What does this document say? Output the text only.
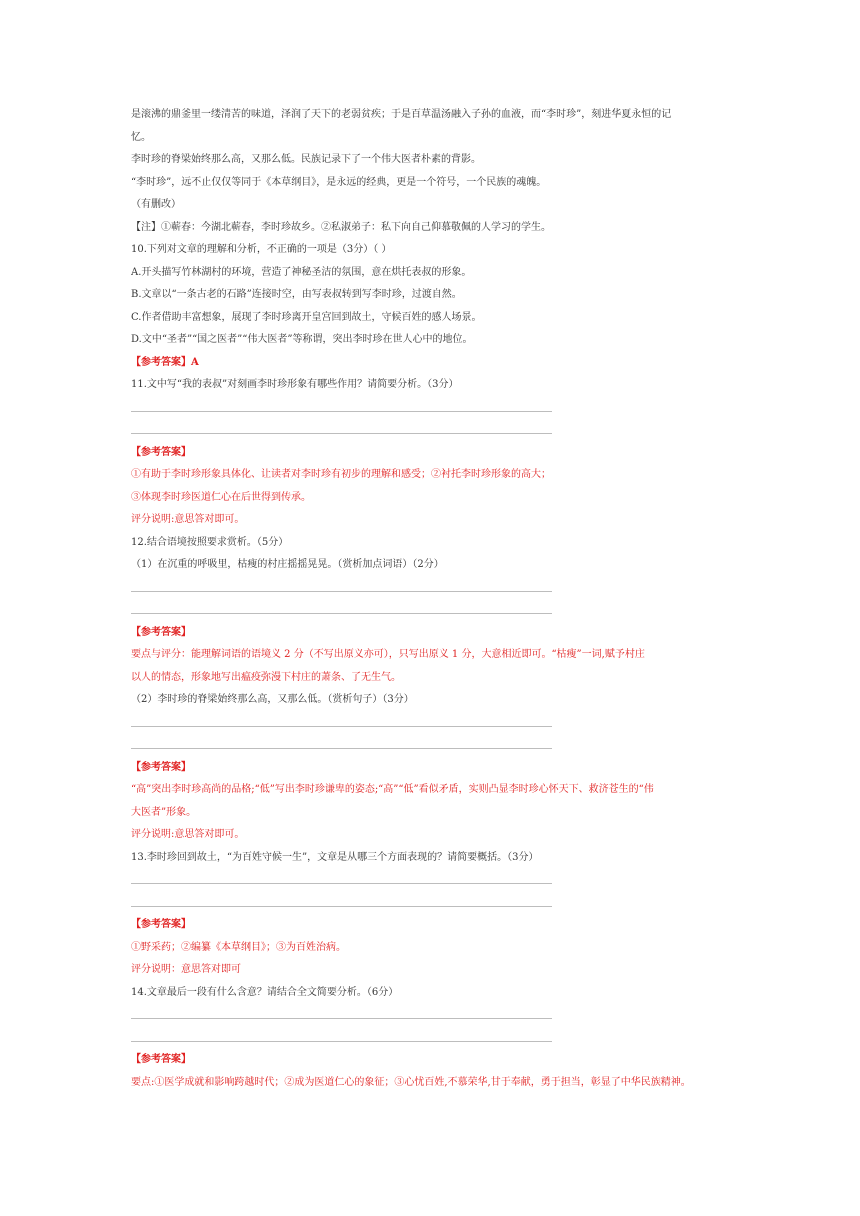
是滚沸的鼎釜里一缕清苦的味道，泽润了天下的老弱贫疾；于是百草温汤融入子孙的血液，而“李时珍”，刻进华夏永恒的记
忆。
李时珍的脊梁始终那么高，又那么低。民族记录下了一个伟大医者朴素的背影。
“李时珍”，远不止仅仅等同于《本草纲目》，是永远的经典，更是一个符号，一个民族的魂魄。
（有删改）
【注】①蕲春：今湖北蕲春，李时珍故乡。②私淑弟子：私下向自己仰慕敬佩的人学习的学生。
10.下列对文章的理解和分析，不正确的一项是（3分）（ ）
A.开头描写竹林湖村的环境，营造了神秘圣洁的氛围，意在烘托表叔的形象。
B.文章以“一条古老的石路”连接时空，由写表叔转到写李时珍，过渡自然。
C.作者借助丰富想象，展现了李时珍离开皇宫回到故土，守候百姓的感人场景。
D.文中“圣者”“国之医者”“伟大医者”等称谓，突出李时珍在世人心中的地位。
【参考答案】A
11.文中写“我的表叔”对刻画李时珍形象有哪些作用？请简要分析。（3分）
【参考答案】
①有助于李时珍形象具体化、让读者对李时珍有初步的理解和感受；②衬托李时珍形象的高大；
③体现李时珍医道仁心在后世得到传承。
评分说明:意思答对即可。
12.结合语境按照要求赏析。（5分）
（1）在沉重的呼吸里，枯瘦的村庄摇摇晃晃。（赏析加点词语）（2分）
【参考答案】
要点与评分：能理解词语的语境义 2 分（不写出原义亦可），只写出原义 1 分，大意相近即可。“枯瘦”一词,赋予村庄
以人的情态，形象地写出瘟疫弥漫下村庄的萧条、了无生气。
（2）李时珍的脊梁始终那么高，又那么低。（赏析句子）（3分）
【参考答案】
“高”突出李时珍高尚的品格;“低”写出李时珍谦卑的姿态;“高”“低”看似矛盾，实则凸显李时珍心怀天下、救济苍生的“伟
大医者”形象。
评分说明:意思答对即可。
13.李时珍回到故土，“为百姓守候一生”，文章是从哪三个方面表现的？请简要概括。（3分）
【参考答案】
①野采药；②编纂《本草纲目》；③为百姓治病。
评分说明：意思答对即可
14.文章最后一段有什么含意？请结合全文简要分析。（6分）
【参考答案】
要点:①医学成就和影响跨越时代；②成为医道仁心的象征；③心忧百姓,不慕荣华,甘于奉献，勇于担当，彰显了中华民族精神。
